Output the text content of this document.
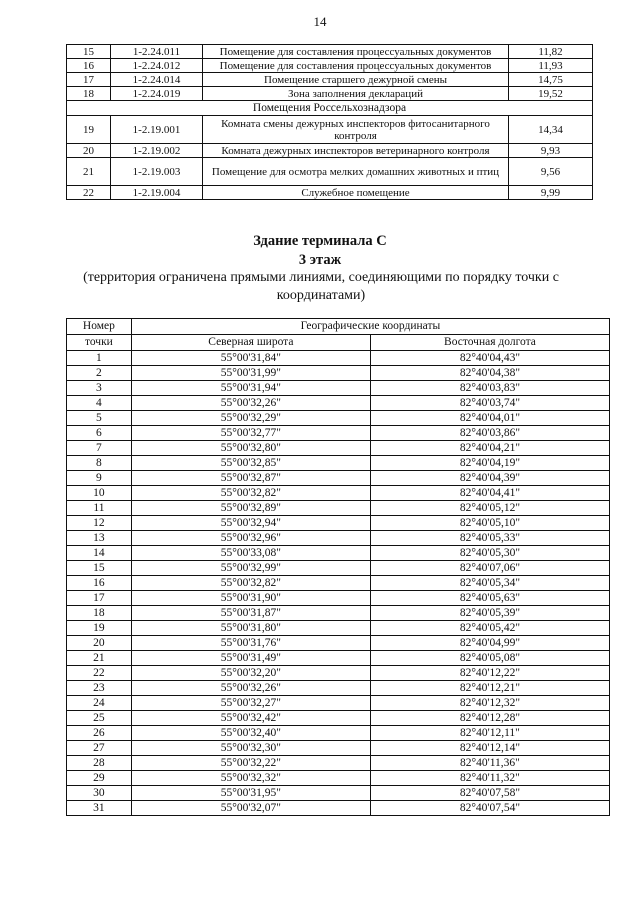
14
15	1-2.24.011	Помещение для составления процессуальных документов	11,82
16	1-2.24.012	Помещение для составления процессуальных документов	11,93
17	1-2.24.014	Помещение старшего дежурной смены	14,75
18	1-2.24.019	Зона заполнения деклараций	19,52
Помещения Россельхознадзора			
19	1-2.19.001	Комната смены дежурных инспекторов фитосанитарного контроля	14,34
20	1-2.19.002	Комната дежурных инспекторов ветеринарного контроля	9,93
21	1-2.19.003	Помещение для осмотра мелких домашних животных и птиц	9,56
22	1-2.19.004	Служебное помещение	9,99
Здание терминала С
3 этаж
(территория ограничена прямыми линиями, соединяющими по порядку точки с координатами)
Номер	Географические координаты	
точки	Северная широта	Восточная долгота
1	55°00'31,84"	82°40'04,43"
2	55°00'31,99"	82°40'04,38"
3	55°00'31,94"	82°40'03,83"
4	55°00'32,26"	82°40'03,74"
5	55°00'32,29"	82°40'04,01"
6	55°00'32,77"	82°40'03,86"
7	55°00'32,80"	82°40'04,21"
8	55°00'32,85"	82°40'04,19"
9	55°00'32,87"	82°40'04,39"
10	55°00'32,82"	82°40'04,41"
11	55°00'32,89"	82°40'05,12"
12	55°00'32,94"	82°40'05,10"
13	55°00'32,96"	82°40'05,33"
14	55°00'33,08"	82°40'05,30"
15	55°00'32,99"	82°40'07,06"
16	55°00'32,82"	82°40'05,34"
17	55°00'31,90"	82°40'05,63"
18	55°00'31,87"	82°40'05,39"
19	55°00'31,80"	82°40'05,42"
20	55°00'31,76"	82°40'04,99"
21	55°00'31,49"	82°40'05,08"
22	55°00'32,20"	82°40'12,22"
23	55°00'32,26"	82°40'12,21"
24	55°00'32,27"	82°40'12,32"
25	55°00'32,42"	82°40'12,28"
26	55°00'32,40"	82°40'12,11"
27	55°00'32,30"	82°40'12,14"
28	55°00'32,22"	82°40'11,36"
29	55°00'32,32"	82°40'11,32"
30	55°00'31,95"	82°40'07,58"
31	55°00'32,07"	82°40'07,54"
